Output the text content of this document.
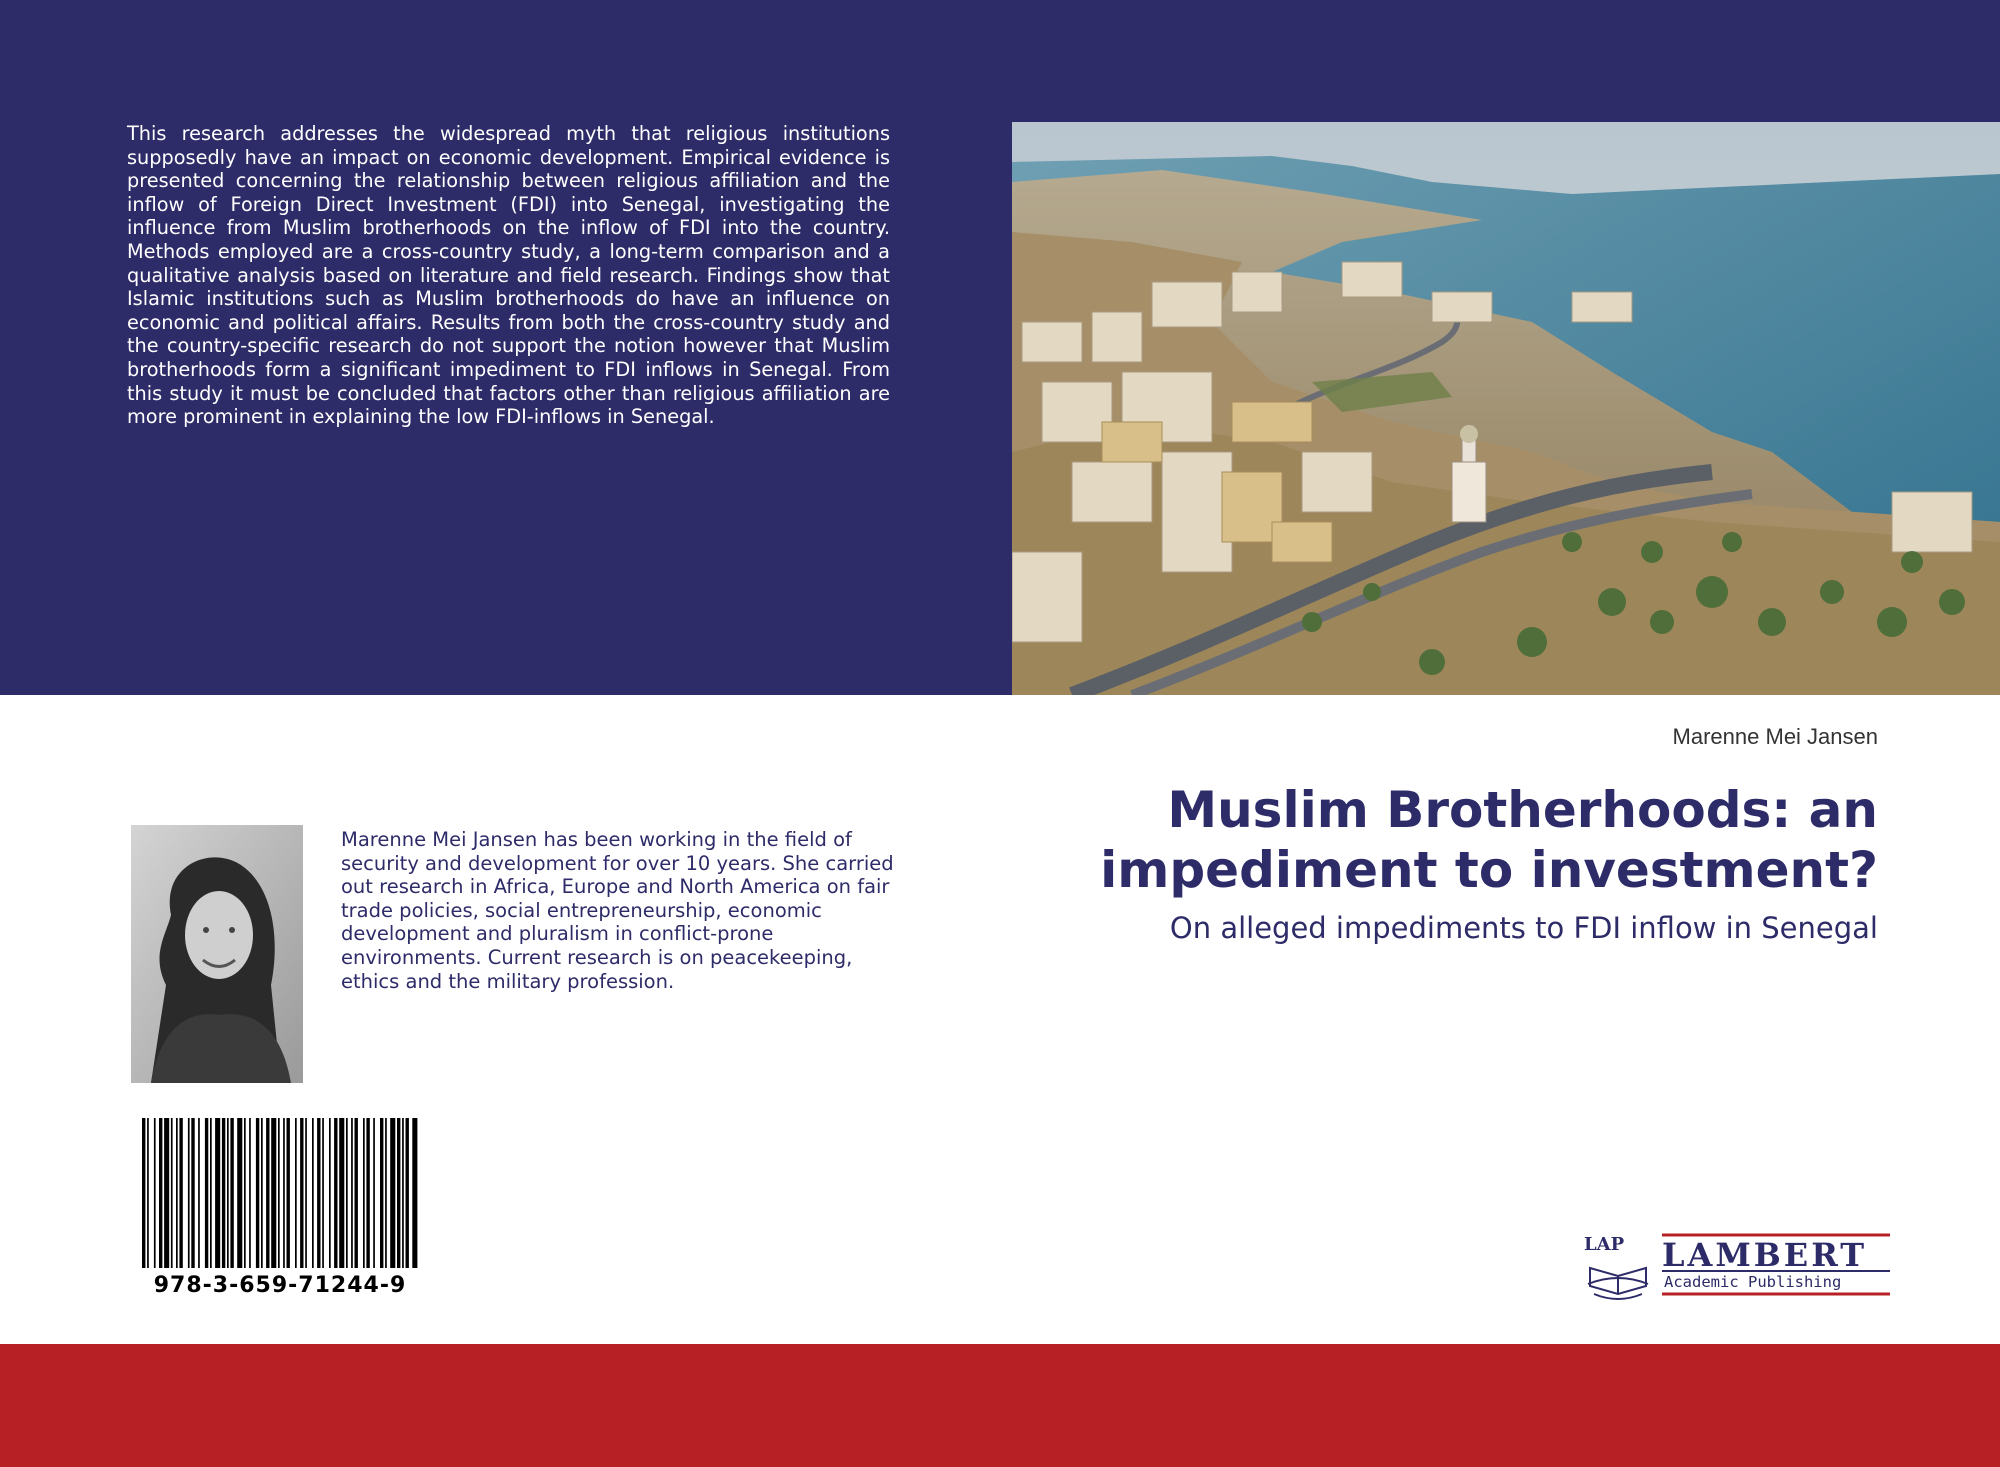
This research addresses the widespread myth that religious institutions supposedly have an impact on economic development. Empirical evidence is presented concerning the relationship between religious affiliation and the inflow of Foreign Direct Investment (FDI) into Senegal, investigating the influence from Muslim brotherhoods on the inflow of FDI into the country. Methods employed are a cross-country study, a long-term comparison and a qualitative analysis based on literature and field research. Findings show that Islamic institutions such as Muslim brotherhoods do have an influence on economic and political affairs. Results from both the cross-country study and the country-specific research do not support the notion however that Muslim brotherhoods form a significant impediment to FDI inflows in Senegal. From this study it must be concluded that factors other than religious affiliation are more prominent in explaining the low FDI-inflows in Senegal.
Marenne Mei Jansen
Muslim Brotherhoods: an impediment to investment?
On alleged impediments to FDI inflow in Senegal
Marenne Mei Jansen has been working in the field of security and development for over 10 years. She carried out research in Africa, Europe and North America on fair trade policies, social entrepreneurship, economic development and pluralism in conflict-prone environments. Current research is on peacekeeping, ethics and the military profession.
978-3-659-71244-9
LAP LAMBERT
Academic Publishing
